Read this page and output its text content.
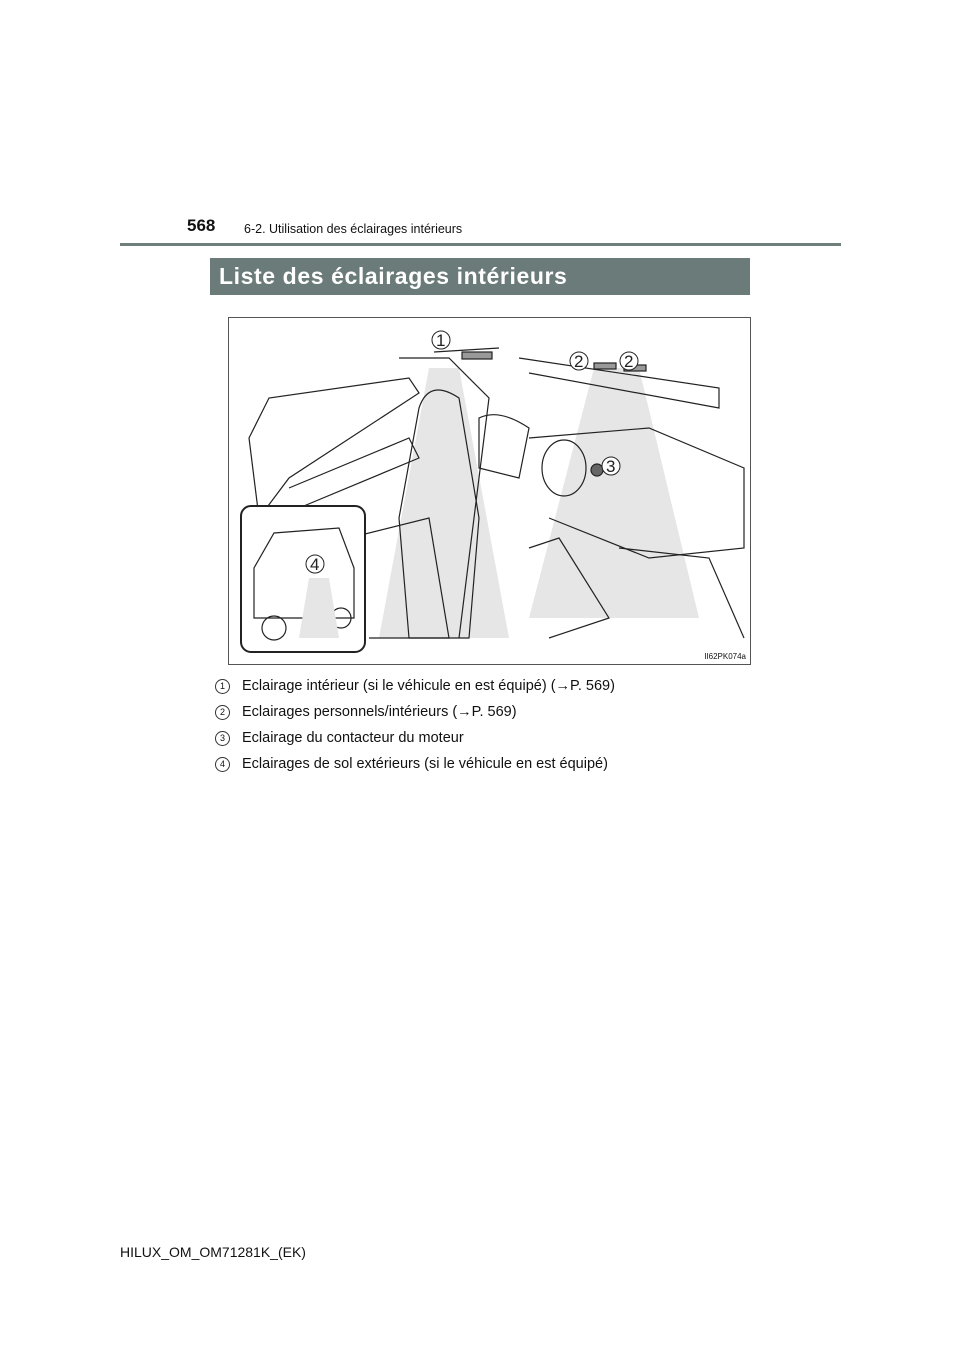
568 6-2. Utilisation des éclairages intérieurs
Liste des éclairages intérieurs
1
2 2
3
4
II62PK074a
1	Eclairage intérieur (si le véhicule en est équipé) (→P. 569)
2	Eclairages personnels/intérieurs (→P. 569)
3	Eclairage du contacteur du moteur
4	Eclairages de sol extérieurs (si le véhicule en est équipé)
HILUX_OM_OM71281K_(EK)
